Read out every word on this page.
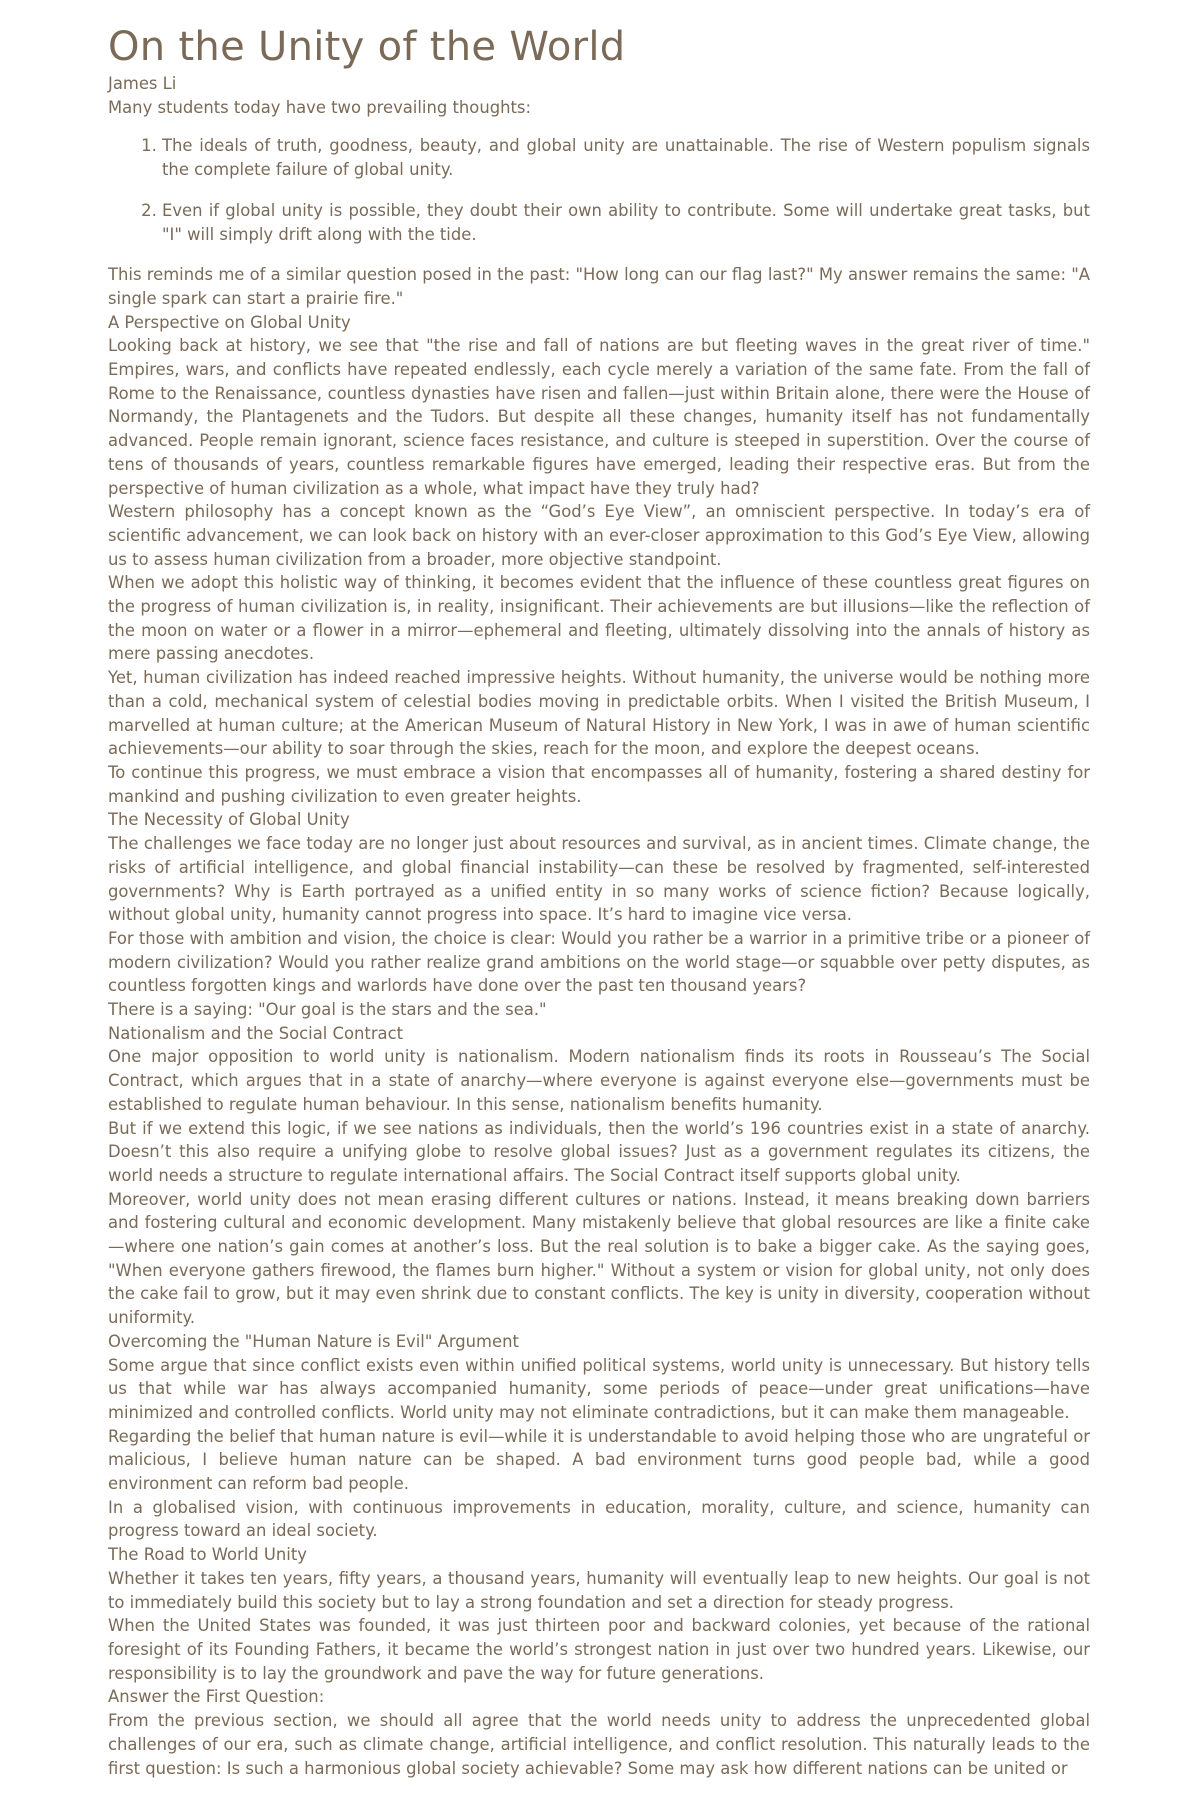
On the Unity of the World
James Li
Many students today have two prevailing thoughts:
1. The ideals of truth, goodness, beauty, and global unity are unattainable. The rise of Western populism signals the complete failure of global unity.
2. Even if global unity is possible, they doubt their own ability to contribute. Some will undertake great tasks, but "I" will simply drift along with the tide.

This reminds me of a similar question posed in the past: "How long can our flag last?" My answer remains the same: "A single spark can start a prairie fire."

A Perspective on Global Unity

Looking back at history, we see that "the rise and fall of nations are but fleeting waves in the great river of time." Empires, wars, and conflicts have repeated endlessly, each cycle merely a variation of the same fate. From the fall of Rome to the Renaissance, countless dynasties have risen and fallen—just within Britain alone, there were the House of Normandy, the Plantagenets and the Tudors. But despite all these changes, humanity itself has not fundamentally advanced. People remain ignorant, science faces resistance, and culture is steeped in superstition. Over the course of tens of thousands of years, countless remarkable figures have emerged, leading their respective eras. But from the perspective of human civilization as a whole, what impact have they truly had?

Western philosophy has a concept known as the “God’s Eye View”, an omniscient perspective. In today’s era of scientific advancement, we can look back on history with an ever-closer approximation to this God’s Eye View, allowing us to assess human civilization from a broader, more objective standpoint.

When we adopt this holistic way of thinking, it becomes evident that the influence of these countless great figures on the progress of human civilization is, in reality, insignificant. Their achievements are but illusions—like the reflection of the moon on water or a flower in a mirror—ephemeral and fleeting, ultimately dissolving into the annals of history as mere passing anecdotes.

Yet, human civilization has indeed reached impressive heights. Without humanity, the universe would be nothing more than a cold, mechanical system of celestial bodies moving in predictable orbits. When I visited the British Museum, I marvelled at human culture; at the American Museum of Natural History in New York, I was in awe of human scientific achievements—our ability to soar through the skies, reach for the moon, and explore the deepest oceans.

To continue this progress, we must embrace a vision that encompasses all of humanity, fostering a shared destiny for mankind and pushing civilization to even greater heights.

The Necessity of Global Unity

The challenges we face today are no longer just about resources and survival, as in ancient times. Climate change, the risks of artificial intelligence, and global financial instability—can these be resolved by fragmented, self-interested governments? Why is Earth portrayed as a unified entity in so many works of science fiction? Because logically, without global unity, humanity cannot progress into space. It’s hard to imagine vice versa.

For those with ambition and vision, the choice is clear: Would you rather be a warrior in a primitive tribe or a pioneer of modern civilization? Would you rather realize grand ambitions on the world stage—or squabble over petty disputes, as countless forgotten kings and warlords have done over the past ten thousand years?

There is a saying: "Our goal is the stars and the sea."

Nationalism and the Social Contract

One major opposition to world unity is nationalism. Modern nationalism finds its roots in Rousseau’s The Social Contract, which argues that in a state of anarchy—where everyone is against everyone else—governments must be established to regulate human behaviour. In this sense, nationalism benefits humanity.

But if we extend this logic, if we see nations as individuals, then the world’s 196 countries exist in a state of anarchy. Doesn’t this also require a unifying globe to resolve global issues? Just as a government regulates its citizens, the world needs a structure to regulate international affairs. The Social Contract itself supports global unity.

Moreover, world unity does not mean erasing different cultures or nations. Instead, it means breaking down barriers and fostering cultural and economic development. Many mistakenly believe that global resources are like a finite cake—where one nation’s gain comes at another’s loss. But the real solution is to bake a bigger cake. As the saying goes, "When everyone gathers firewood, the flames burn higher." Without a system or vision for global unity, not only does the cake fail to grow, but it may even shrink due to constant conflicts. The key is unity in diversity, cooperation without uniformity.

Overcoming the "Human Nature is Evil" Argument

Some argue that since conflict exists even within unified political systems, world unity is unnecessary. But history tells us that while war has always accompanied humanity, some periods of peace—under great unifications—have minimized and controlled conflicts. World unity may not eliminate contradictions, but it can make them manageable.

Regarding the belief that human nature is evil—while it is understandable to avoid helping those who are ungrateful or malicious, I believe human nature can be shaped. A bad environment turns good people bad, while a good environment can reform bad people.

In a globalised vision, with continuous improvements in education, morality, culture, and science, humanity can progress toward an ideal society.

The Road to World Unity

Whether it takes ten years, fifty years, a thousand years, humanity will eventually leap to new heights. Our goal is not to immediately build this society but to lay a strong foundation and set a direction for steady progress.

When the United States was founded, it was just thirteen poor and backward colonies, yet because of the rational foresight of its Founding Fathers, it became the world’s strongest nation in just over two hundred years. Likewise, our responsibility is to lay the groundwork and pave the way for future generations.

Answer the First Question:

From the previous section, we should all agree that the world needs unity to address the unprecedented global challenges of our era, such as climate change, artificial intelligence, and conflict resolution. This naturally leads to the first question: Is such a harmonious global society achievable? Some may ask how different nations can be united or
